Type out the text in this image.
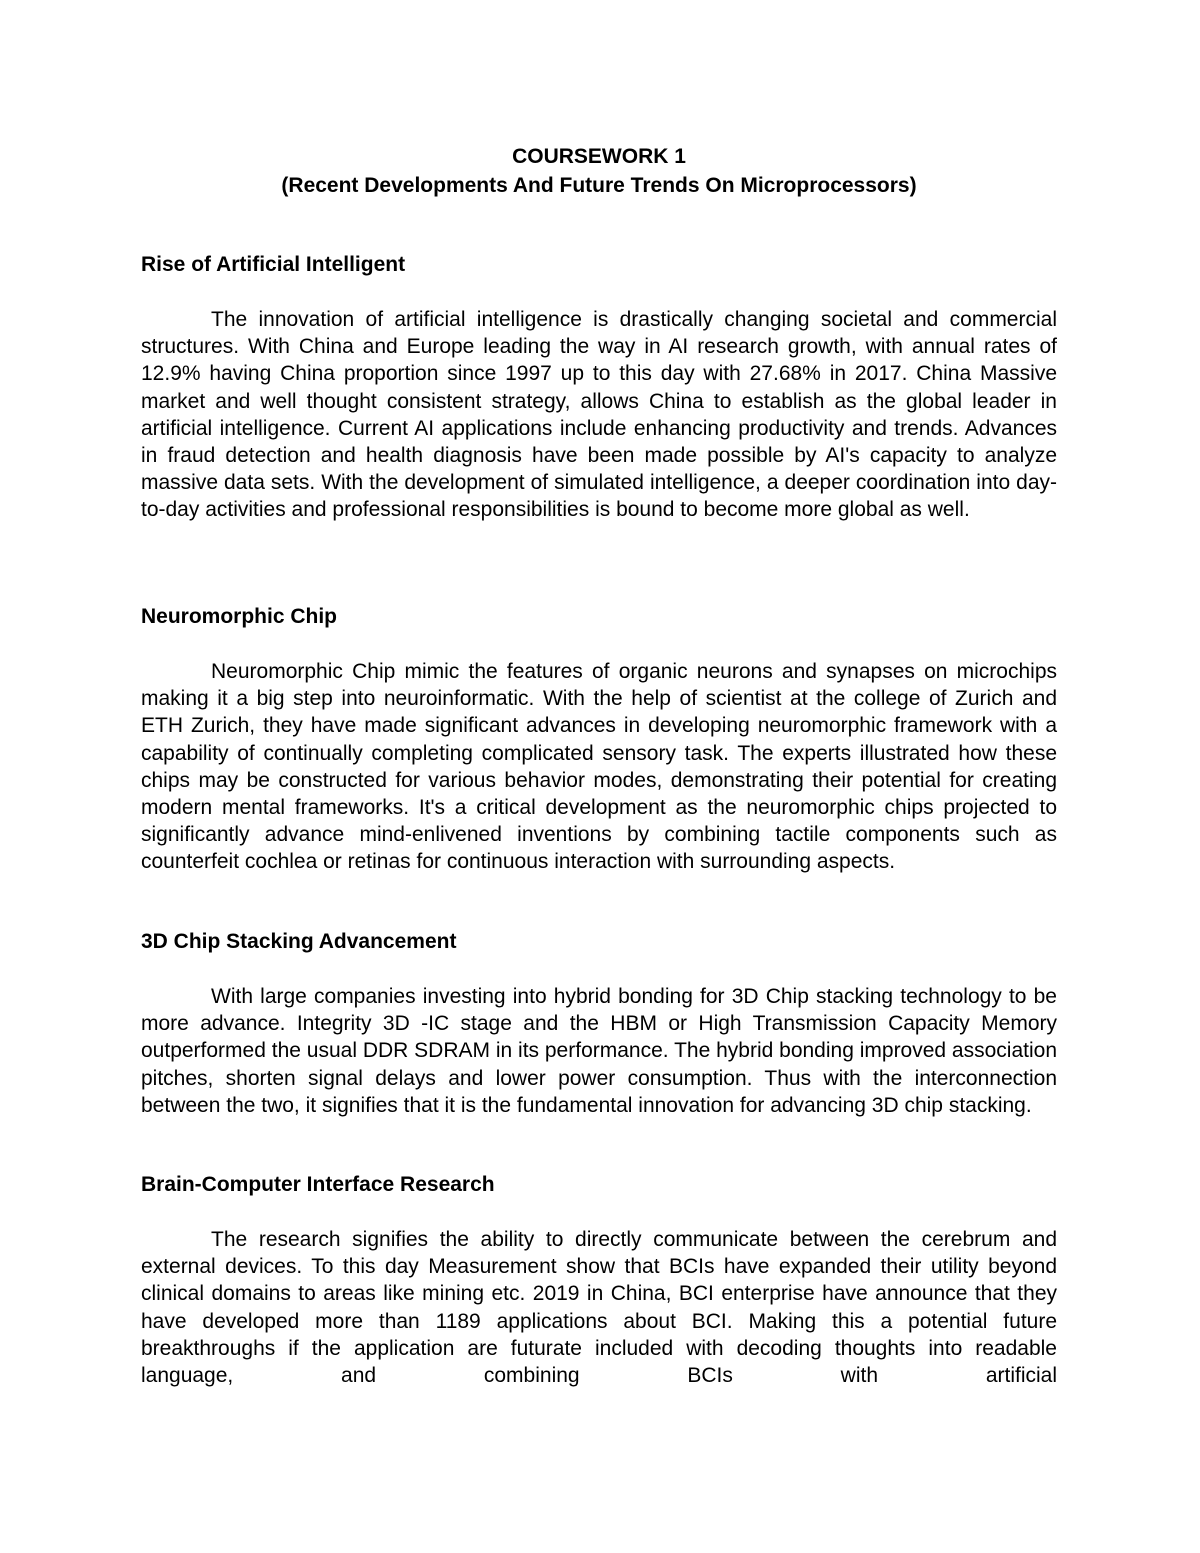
COURSEWORK 1
(Recent Developments And Future Trends On Microprocessors)

Rise of Artificial Intelligent

The innovation of artificial intelligence is drastically changing societal and commercial structures. With China and Europe leading the way in AI research growth, with annual rates of 12.9% having China proportion since 1997 up to this day with 27.68% in 2017. China Massive market and well thought consistent strategy, allows China to establish as the global leader in artificial intelligence. Current AI applications include enhancing productivity and trends. Advances in fraud detection and health diagnosis have been made possible by AI's capacity to analyze massive data sets. With the development of simulated intelligence, a deeper coordination into day-to-day activities and professional responsibilities is bound to become more global as well.

Neuromorphic Chip

Neuromorphic Chip mimic the features of organic neurons and synapses on microchips making it a big step into neuroinformatic. With the help of scientist at the college of Zurich and ETH Zurich, they have made significant advances in developing neuromorphic framework with a capability of continually completing complicated sensory task. The experts illustrated how these chips may be constructed for various behavior modes, demonstrating their potential for creating modern mental frameworks. It's a critical development as the neuromorphic chips projected to significantly advance mind-enlivened inventions by combining tactile components such as counterfeit cochlea or retinas for continuous interaction with surrounding aspects.

3D Chip Stacking Advancement

With large companies investing into hybrid bonding for 3D Chip stacking technology to be more advance. Integrity 3D -IC stage and the HBM or High Transmission Capacity Memory outperformed the usual DDR SDRAM in its performance. The hybrid bonding improved association pitches, shorten signal delays and lower power consumption. Thus with the interconnection between the two, it signifies that it is the fundamental innovation for advancing 3D chip stacking.

Brain-Computer Interface Research

The research signifies the ability to directly communicate between the cerebrum and external devices. To this day Measurement show that BCIs have expanded their utility beyond clinical domains to areas like mining etc. 2019 in China, BCI enterprise have announce that they have developed more than 1189 applications about BCI. Making this a potential future breakthroughs if the application are futurate included with decoding thoughts into readable language, and combining BCIs with artificial
